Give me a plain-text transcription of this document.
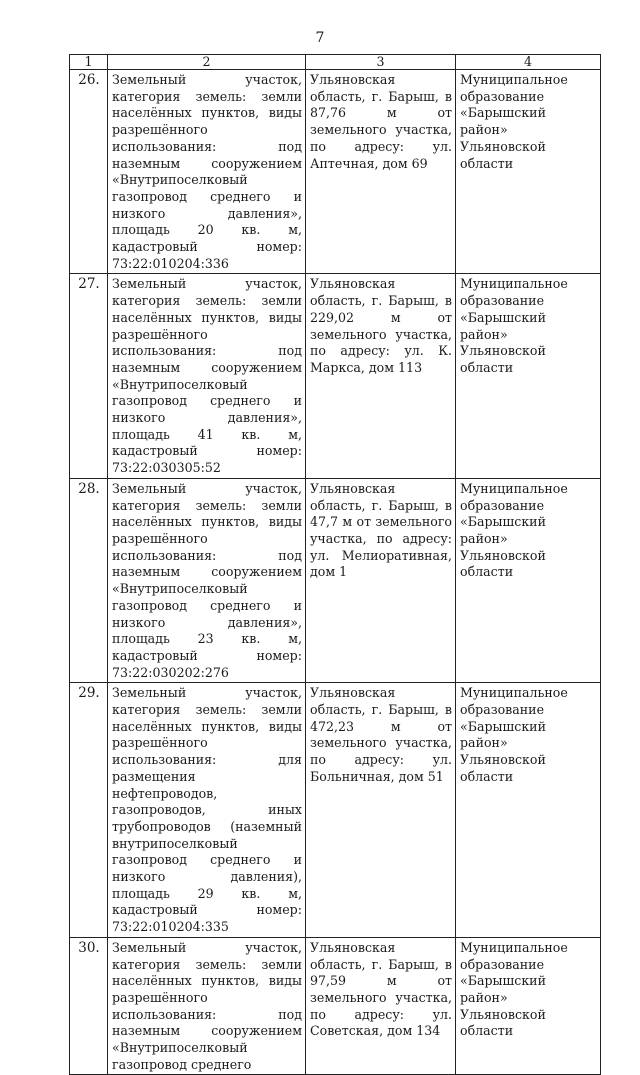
7
1	2	3	4
26.	Земельный участок, категория земель: земли населённых пунктов, виды разрешённого использования: под наземным сооружением «Внутрипоселковый газопровод среднего и низкого давления», площадь 20 кв. м, кадастровый номер: 73:22:010204:336	Ульяновская область, г. Барыш, в 87,76 м от земельного участка, по адресу: ул. Аптечная, дом 69	Муниципальное образование «Барышский район» Ульяновской области
27.	Земельный участок, категория земель: земли населённых пунктов, виды разрешённого использования: под наземным сооружением «Внутрипоселковый газопровод среднего и низкого давления», площадь 41 кв. м, кадастровый номер: 73:22:030305:52	Ульяновская область, г. Барыш, в 229,02 м от земельного участка, по адресу: ул. К. Маркса, дом 113	Муниципальное образование «Барышский район» Ульяновской области
28.	Земельный участок, категория земель: земли населённых пунктов, виды разрешённого использования: под наземным сооружением «Внутрипоселковый газопровод среднего и низкого давления», площадь 23 кв. м, кадастровый номер: 73:22:030202:276	Ульяновская область, г. Барыш, в 47,7 м от земельного участка, по адресу: ул. Мелиоративная, дом 1	Муниципальное образование «Барышский район» Ульяновской области
29.	Земельный участок, категория земель: земли населённых пунктов, виды разрешённого использования: для размещения нефтепроводов, газопроводов, иных трубопроводов (наземный внутрипоселковый газопровод среднего и низкого давления), площадь 29 кв. м, кадастровый номер: 73:22:010204:335	Ульяновская область, г. Барыш, в 472,23 м от земельного участка, по адресу: ул. Больничная, дом 51	Муниципальное образование «Барышский район» Ульяновской области
30.	Земельный участок, категория земель: земли населённых пунктов, виды разрешённого использования: под наземным сооружением «Внутрипоселковый газопровод среднего	Ульяновская область, г. Барыш, в 97,59 м от земельного участка, по адресу: ул. Советская, дом 134	Муниципальное образование «Барышский район» Ульяновской области
